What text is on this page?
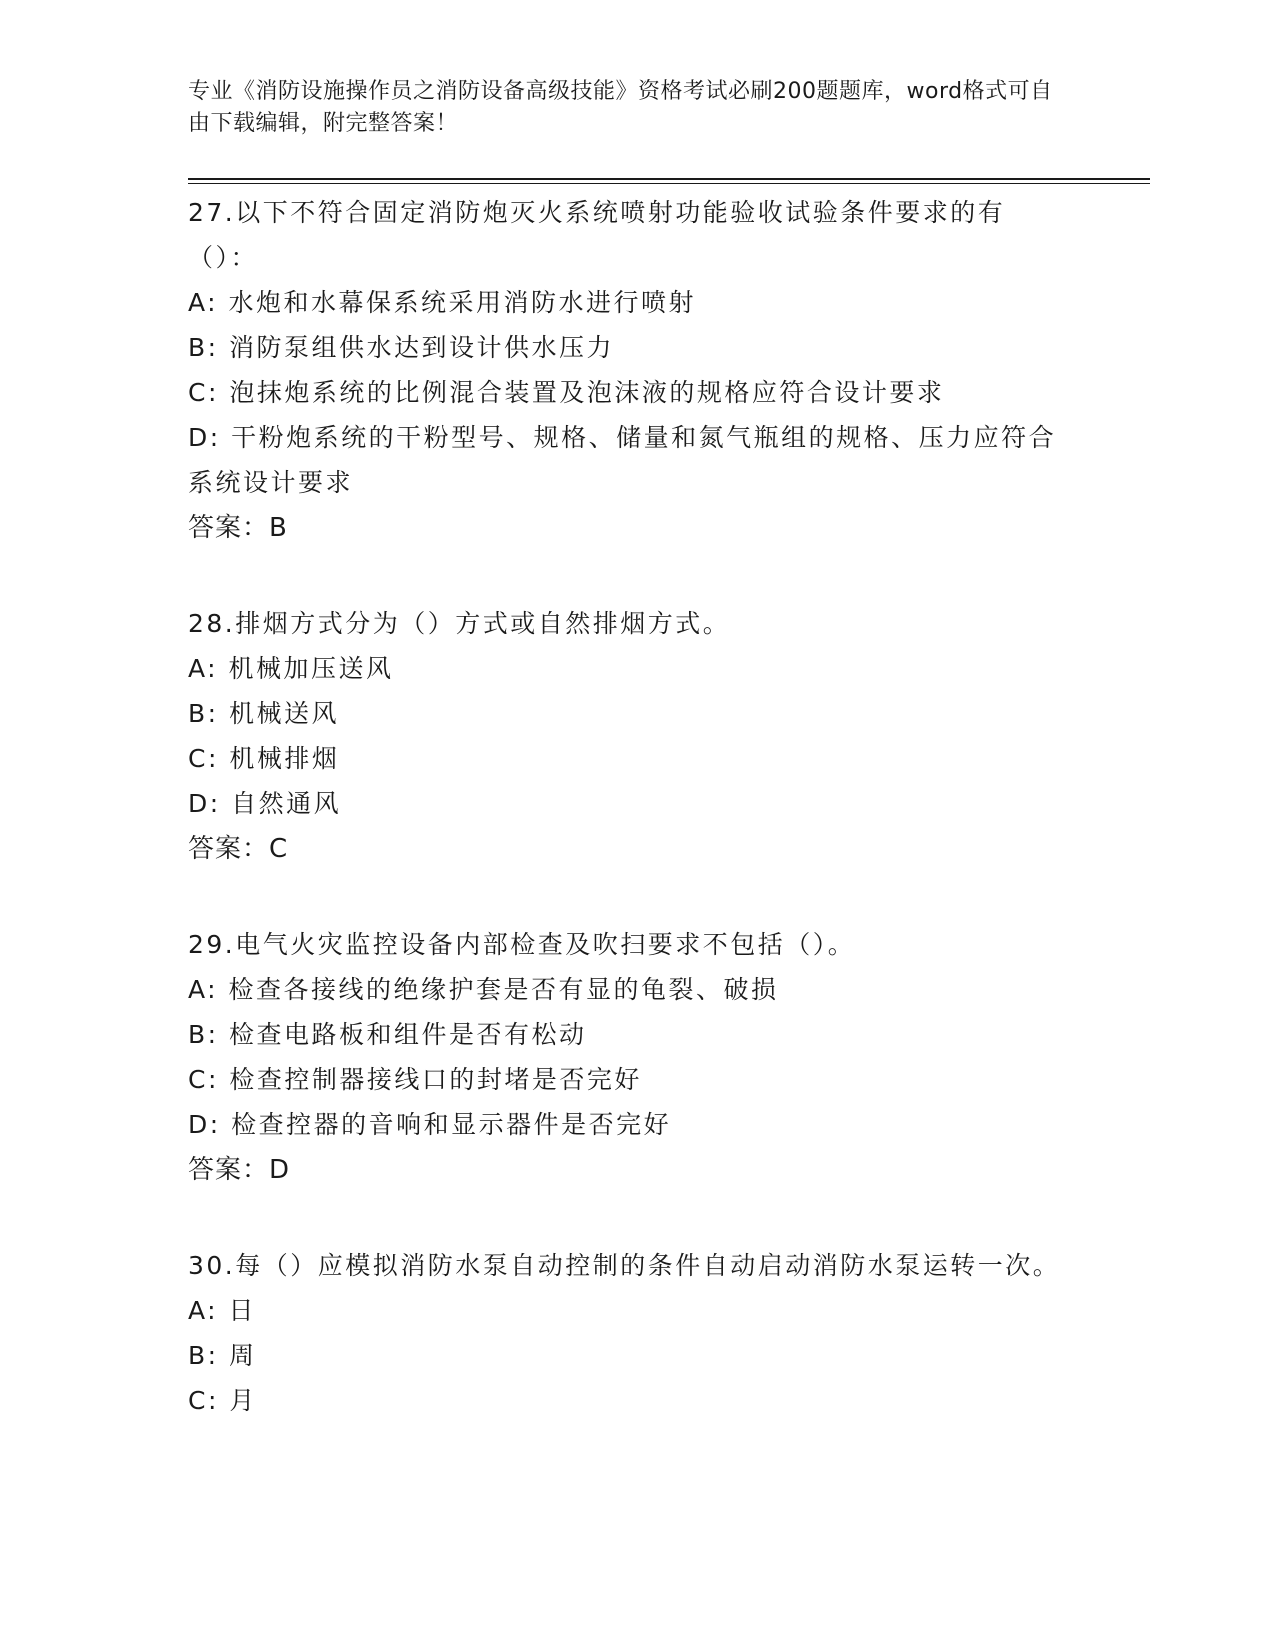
专业《消防设施操作员之消防设备高级技能》资格考试必刷200题题库，word格式可自由下载编辑，附完整答案！
27.以下不符合固定消防炮灭火系统喷射功能验收试验条件要求的有（）：
A: 水炮和水幕保系统采用消防水进行喷射
B: 消防泵组供水达到设计供水压力
C: 泡抹炮系统的比例混合装置及泡沫液的规格应符合设计要求
D: 干粉炮系统的干粉型号、规格、储量和氮气瓶组的规格、压力应符合系统设计要求
答案：B
28.排烟方式分为（）方式或自然排烟方式。
A: 机械加压送风
B: 机械送风
C: 机械排烟
D: 自然通风
答案：C
29.电气火灾监控设备内部检查及吹扫要求不包括（）。
A: 检查各接线的绝缘护套是否有显的龟裂、破损
B: 检查电路板和组件是否有松动
C: 检查控制器接线口的封堵是否完好
D: 检查控器的音响和显示器件是否完好
答案：D
30.每（）应模拟消防水泵自动控制的条件自动启动消防水泵运转一次。
A: 日
B: 周
C: 月
